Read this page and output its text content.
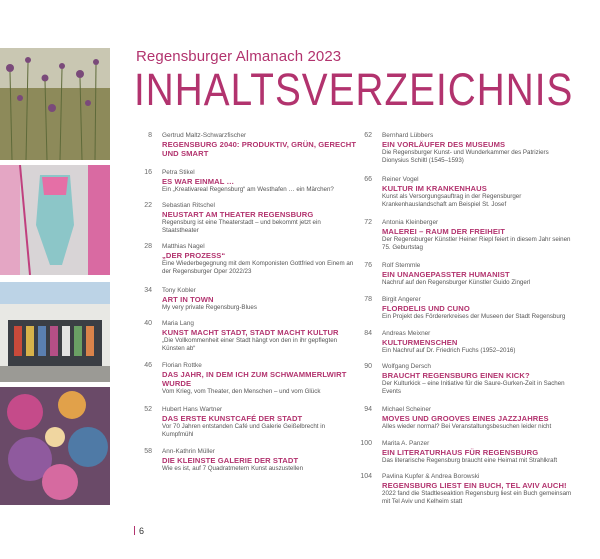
Regensburger Almanach 2023
INHALTSVERZEICHNIS
8 Gertrud Maltz-Schwarzfischer
REGENSBURG 2040: PRODUKTIV, GRÜN, GERECHT UND SMART
16 Petra Stikel
ES WAR EINMAL …
Ein „Kreativareal Regensburg“ am Westhafen … ein Märchen?
22 Sebastian Ritschel
NEUSTART AM THEATER REGENSBURG
Regensburg ist eine Theaterstadt – und bekommt jetzt ein Staatstheater
28 Matthias Nagel
„DER PROZESS“
Eine Wiederbegegnung mit dem Komponisten Gottfried von Einem an der Regensburger Oper 2022/23
34 Tony Kobler
ART IN TOWN
My very private Regensburg-Blues
40 Maria Lang
KUNST MACHT STADT, STADT MACHT KULTUR
„Die Vollkommenheit einer Stadt hängt von den in ihr gepflegten Künsten ab“
46 Florian Rottke
DAS JAHR, IN DEM ICH ZUM SCHWAMMERLWIRT WURDE
Vom Krieg, vom Theater, den Menschen – und vom Glück
52 Hubert Hans Wartner
DAS ERSTE KUNSTCAFÉ DER STADT
Vor 70 Jahren entstanden Café und Galerie Geißelbrecht in Kumpfmühl
58 Ann-Kathrin Müller
DIE KLEINSTE GALERIE DER STADT
Wie es ist, auf 7 Quadratmetern Kunst auszustellen
62 Bernhard Lübbers
EIN VORLÄUFER DES MUSEUMS
Die Regensburger Kunst- und Wunderkammer des Patriziers Dionysius Schiltl (1545–1593)
66 Reiner Vogel
KULTUR IM KRANKENHAUS
Kunst als Versorgungsauftrag in der Regensburger Krankenhauslandschaft am Beispiel St. Josef
72 Antonia Kleinberger
MALEREI – RAUM DER FREIHEIT
Der Regensburger Künstler Heiner Riepl feiert in diesem Jahr seinen 75. Geburtstag
76 Rolf Stemmle
EIN UNANGEPASSTER HUMANIST
Nachruf auf den Regensburger Künstler Guido Zingerl
78 Birgit Angerer
FLORDELIS UND CUNO
Ein Projekt des Fördererkreises der Museen der Stadt Regensburg
84 Andreas Meixner
KULTURMENSCHEN
Ein Nachruf auf Dr. Friedrich Fuchs (1952–2016)
90 Wolfgang Dersch
BRAUCHT REGENSBURG EINEN KICK?
Der Kulturkick – eine Initiative für die Saure-Gurken-Zeit in Sachen Events
94 Michael Scheiner
MOVES UND GROOVES EINES JAZZJAHRES
Alles wieder normal? Bei Veranstaltungsbesuchen leider nicht
100 Marita A. Panzer
EIN LITERATURHAUS FÜR REGENSBURG
Das literarische Regensburg braucht eine Heimat mit Strahlkraft
104 Pavlina Kupfer & Andrea Borowski
REGENSBURG LIEST EIN BUCH, TEL AVIV AUCH!
2022 fand die Stadtleseaktion Regensburg liest ein Buch gemeinsam mit Tel Aviv und Kelheim statt
6
